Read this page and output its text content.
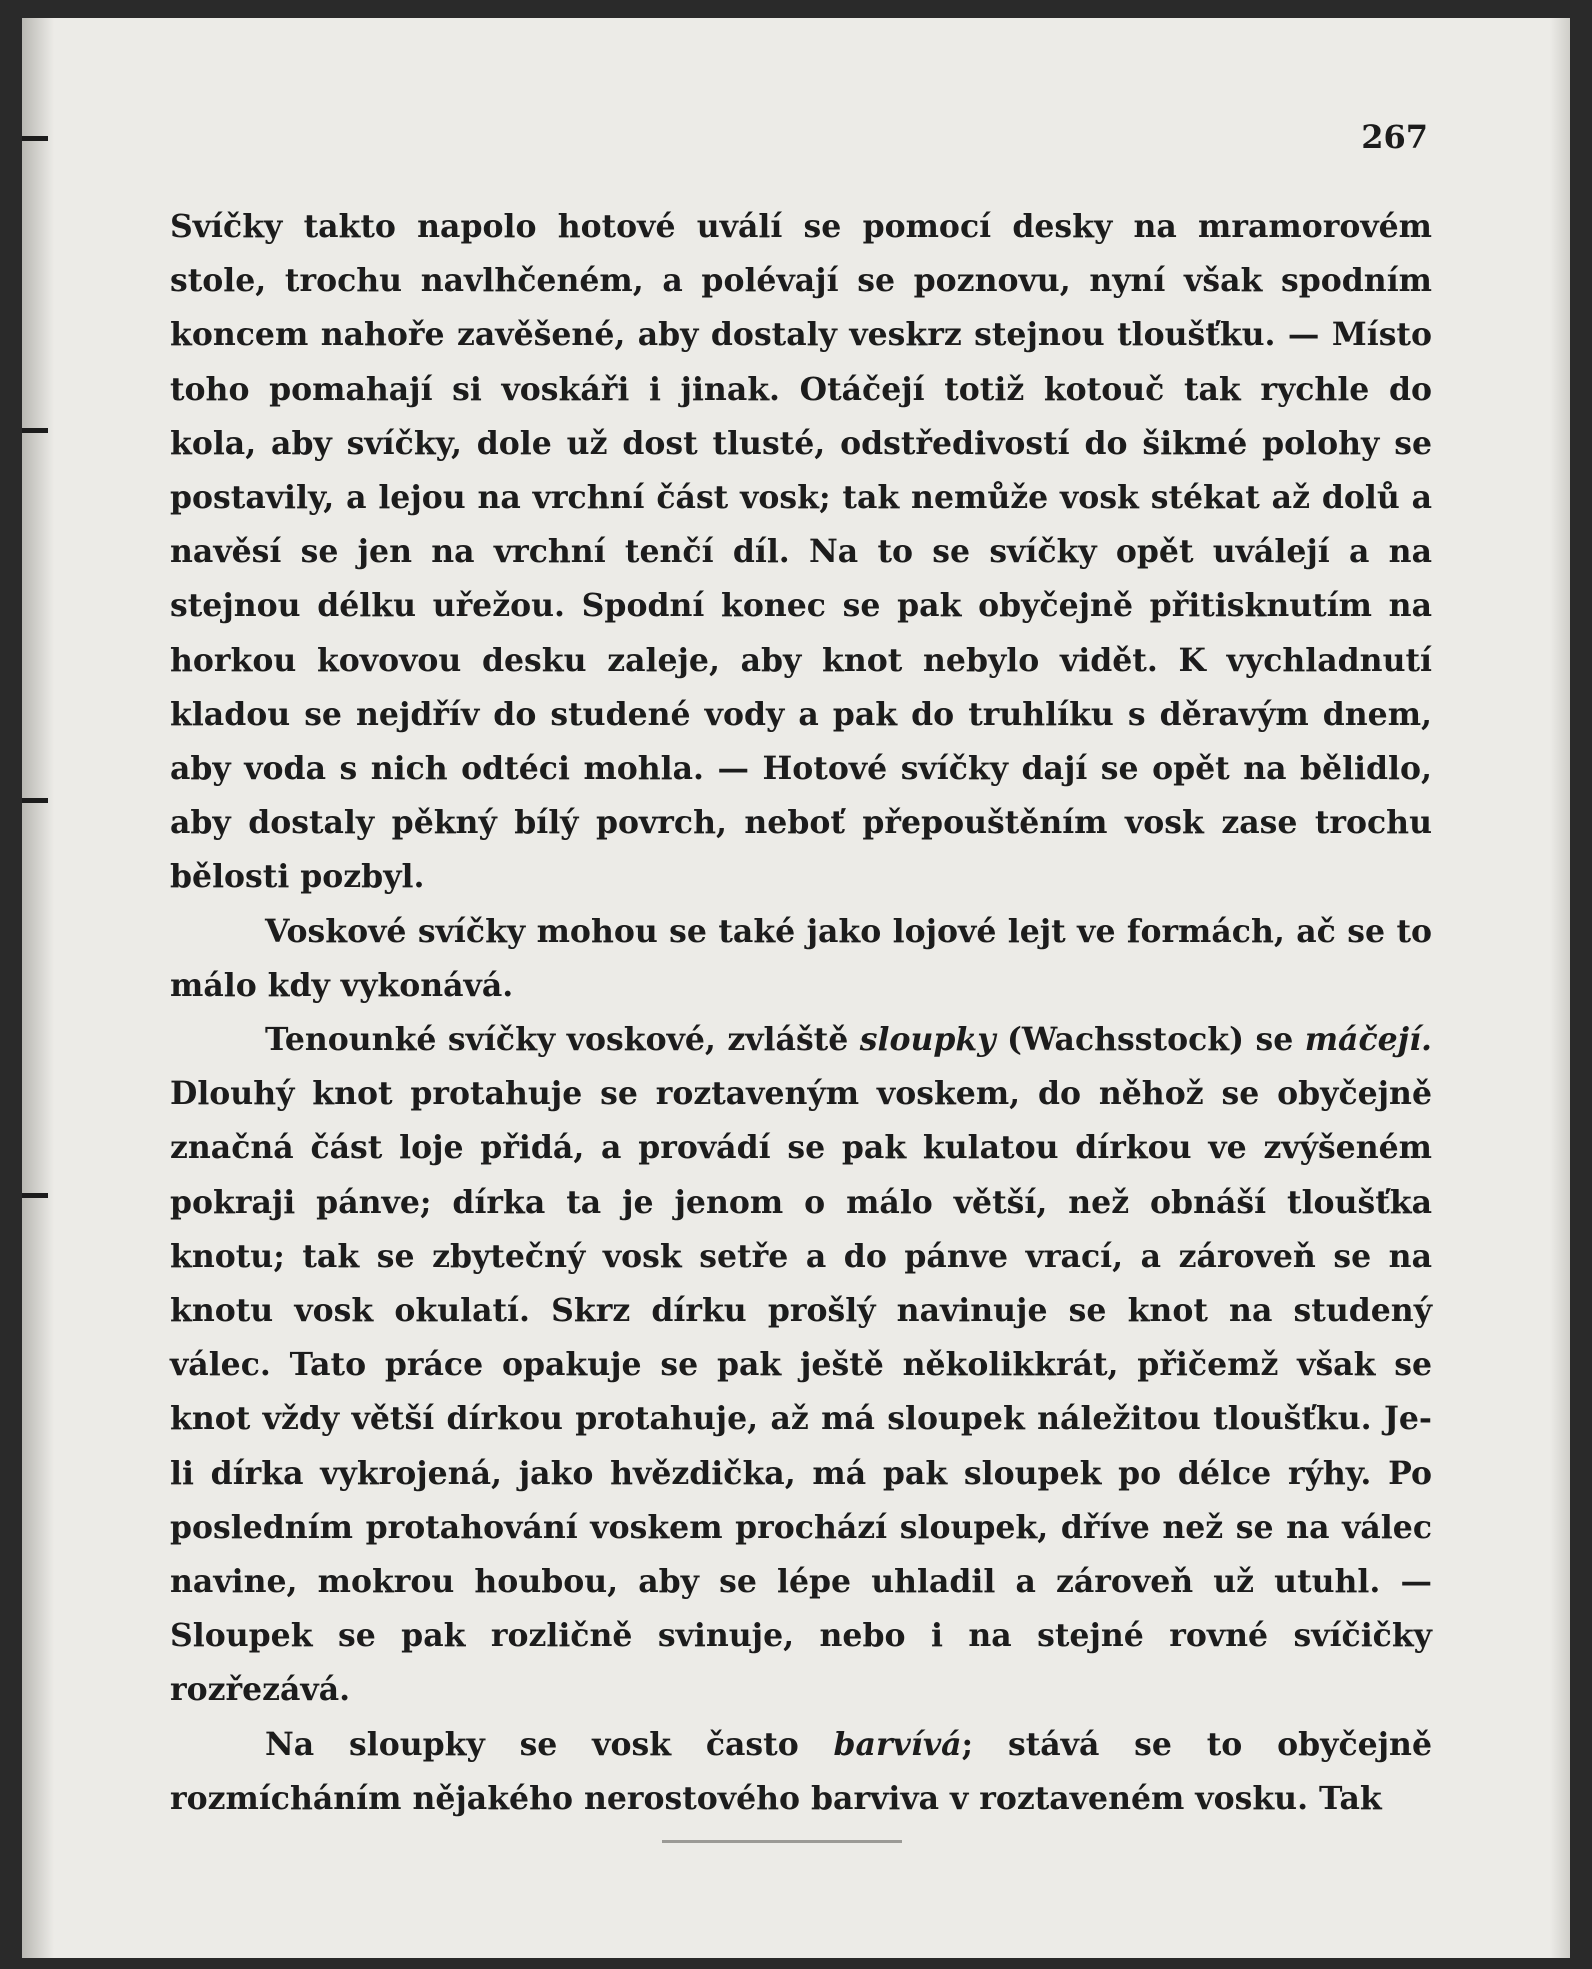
267

Svíčky takto napolo hotové uválí se pomocí desky na mramorovém stole, trochu navlhčeném, a polévají se poznovu, nyní však spodním koncem nahoře zavěšené, aby dostaly veskrz stejnou tloušťku. — Místo toho pomahají si voskáři i jinak. Otáčejí totiž kotouč tak rychle do kola, aby svíčky, dole už dost tlusté, odstředivostí do šikmé polohy se postavily, a lejou na vrchní část vosk; tak nemůže vosk stékat až dolů a navěsí se jen na vrchní tenčí díl. Na to se svíčky opět uválejí a na stejnou délku uřežou. Spodní konec se pak obyčejně přitisknutím na horkou kovovou desku zaleje, aby knot nebylo vidět. K vychladnutí kladou se nejdřív do studené vody a pak do truhlíku s děravým dnem, aby voda s nich odtéci mohla. — Hotové svíčky dají se opět na bělidlo, aby dostaly pěkný bílý povrch, neboť přepouštěním vosk zase trochu bělosti pozbyl.

Voskové svíčky mohou se také jako lojové lejt ve formách, ač se to málo kdy vykonává.

Tenounké svíčky voskové, zvláště sloupky (Wachsstock) se máčejí. Dlouhý knot protahuje se roztaveným voskem, do něhož se obyčejně značná část loje přidá, a provádí se pak kulatou dírkou ve zvýšeném pokraji pánve; dírka ta je jenom o málo větší, než obnáší tloušťka knotu; tak se zbytečný vosk setře a do pánve vrací, a zároveň se na knotu vosk okulatí. Skrz dírku prošlý navinuje se knot na studený válec. Tato práce opakuje se pak ještě několikkrát, přičemž však se knot vždy větší dírkou protahuje, až má sloupek náležitou tloušťku. Je-li dírka vykrojená, jako hvězdička, má pak sloupek po délce rýhy. Po posledním protahování voskem prochází sloupek, dříve než se na válec navine, mokrou houbou, aby se lépe uhladil a zároveň už utuhl. — Sloupek se pak rozličně svinuje, nebo i na stejné rovné svíčičky rozřezává.

Na sloupky se vosk často barvívá; stává se to obyčejně rozmícháním nějakého nerostového barviva v roztaveném vosku. Tak
